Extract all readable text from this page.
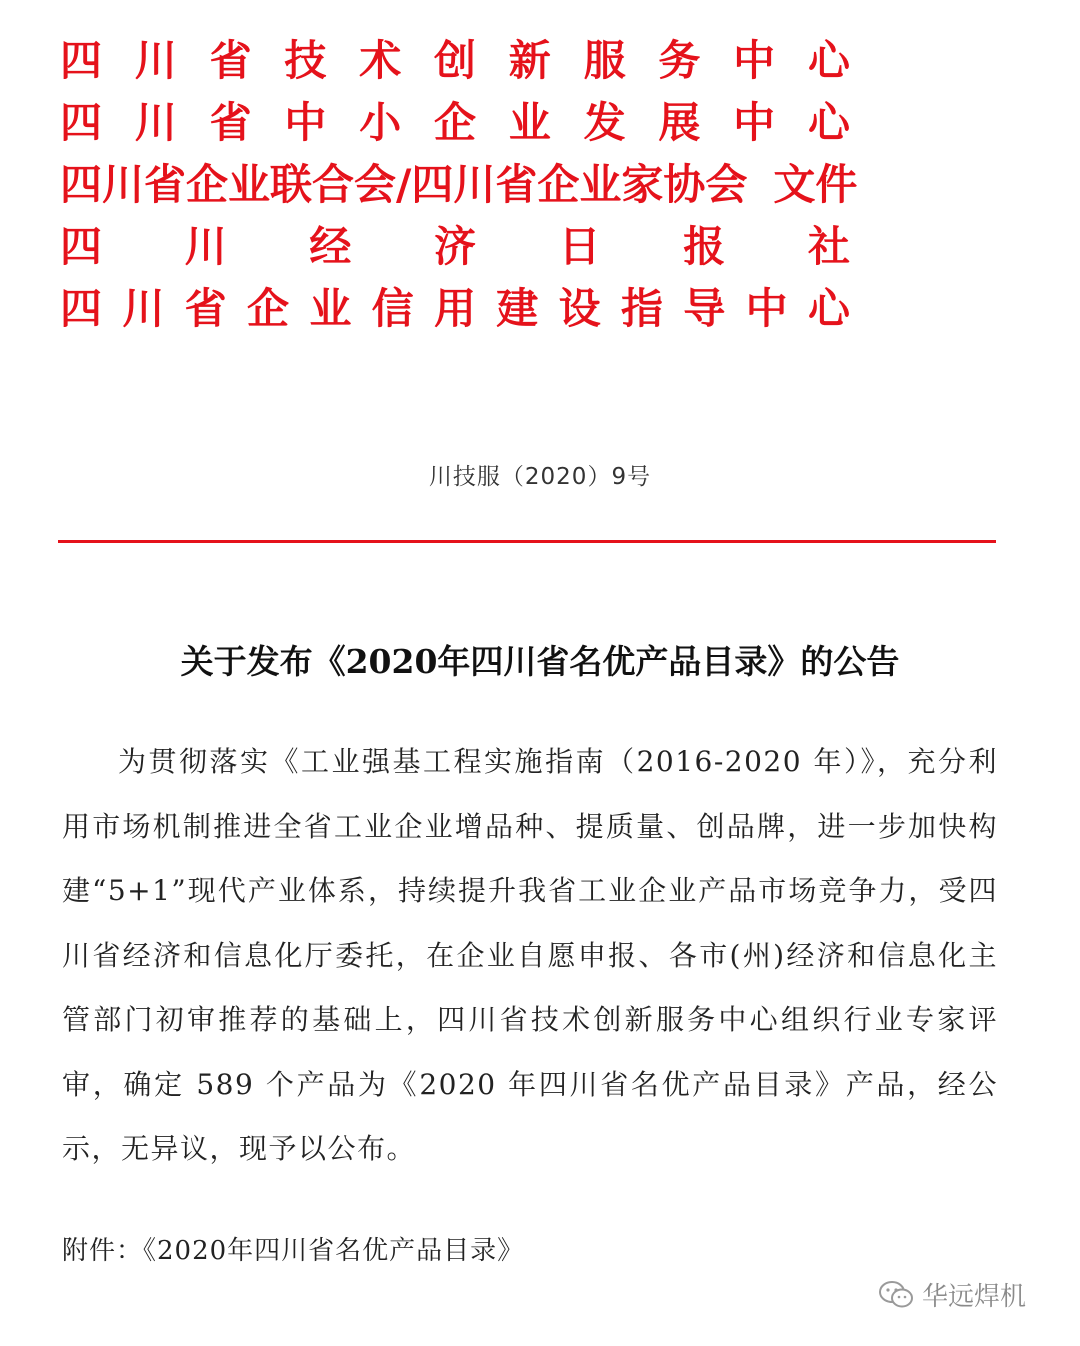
四 川 省 技 术 创 新 服 务 中 心
四 川 省 中 小 企 业 发 展 中 心
四川省企业联合会/四川省企业家协会 文件
四 川 经 济 日 报 社
四 川 省 企 业 信 用 建 设 指 导 中 心
川技服（2020）9号
关于发布《2020年四川省名优产品目录》的公告
为贯彻落实《工业强基工程实施指南（2016-2020 年）》，充分利用市场机制推进全省工业企业增品种、提质量、创品牌，进一步加快构建“5+1”现代产业体系，持续提升我省工业企业产品市场竞争力，受四川省经济和信息化厅委托，在企业自愿申报、各市(州)经济和信息化主管部门初审推荐的基础上，四川省技术创新服务中心组织行业专家评审，确定 589 个产品为《2020 年四川省名优产品目录》产品，经公示，无异议，现予以公布。
附件：《2020年四川省名优产品目录》
华远焊机
